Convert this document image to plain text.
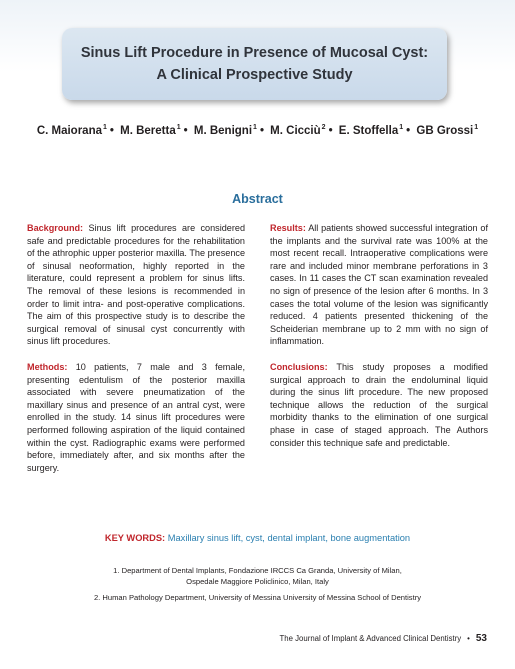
Sinus Lift Procedure in Presence of Mucosal Cyst:
A Clinical Prospective Study
C. Maiorana$^1$ • M. Beretta$^1$ • M. Benigni$^1$ • M. Cicciù$^2$ • E. Stoffella$^1$ • GB Grossi$^1$
Abstract

Background: Sinus lift procedures are considered safe and predictable procedures for the rehabilitation of the athrophic upper posterior maxilla. The presence of sinusal neoformation, highly reported in the literature, could represent a problem for sinus lifts. The removal of these lesions is recommended in order to limit intra- and post-operative complications. The aim of this prospective study is to describe the surgical removal of sinusal cyst concurrently with sinus lift procedures.

Methods: 10 patients, 7 male and 3 female, presenting edentulism of the posterior maxilla associated with severe pneumatization of the maxillary sinus and presence of an antral cyst, were enrolled in the study. 14 sinus lift procedures were performed following aspiration of the liquid contained within the cyst. Radiographic exams were performed before, immediately after, and six months after the surgery.

Results: All patients showed successful integration of the implants and the survival rate was 100% at the most recent recall. Intraoperative complications were rare and included minor membrane perforations in 3 cases. In 11 cases the CT scan examination revealed no sign of presence of the lesion after 6 months. In 3 cases the total volume of the lesion was significantly reduced. 4 patients presented thickening of the Scheiderian membrane up to 2 mm with no sign of inflammation.

Conclusions: This study proposes a modified surgical approach to drain the endoluminal liquid during the sinus lift procedure. The new proposed technique allows the reduction of the surgical morbidity thanks to the elimination of one surgical phase in case of staged approach. The Authors consider this technique safe and predictable.

KEY WORDS: Maxillary sinus lift, cyst, dental implant, bone augmentation
1. Department of Dental Implants, Fondazione IRCCS Ca Granda, University of Milan,
Ospedale Maggiore Policlinico, Milan, Italy
2. Human Pathology Department, University of Messina University of Messina School of Dentistry
The Journal of Implant & Advanced Clinical Dentistry • 53
